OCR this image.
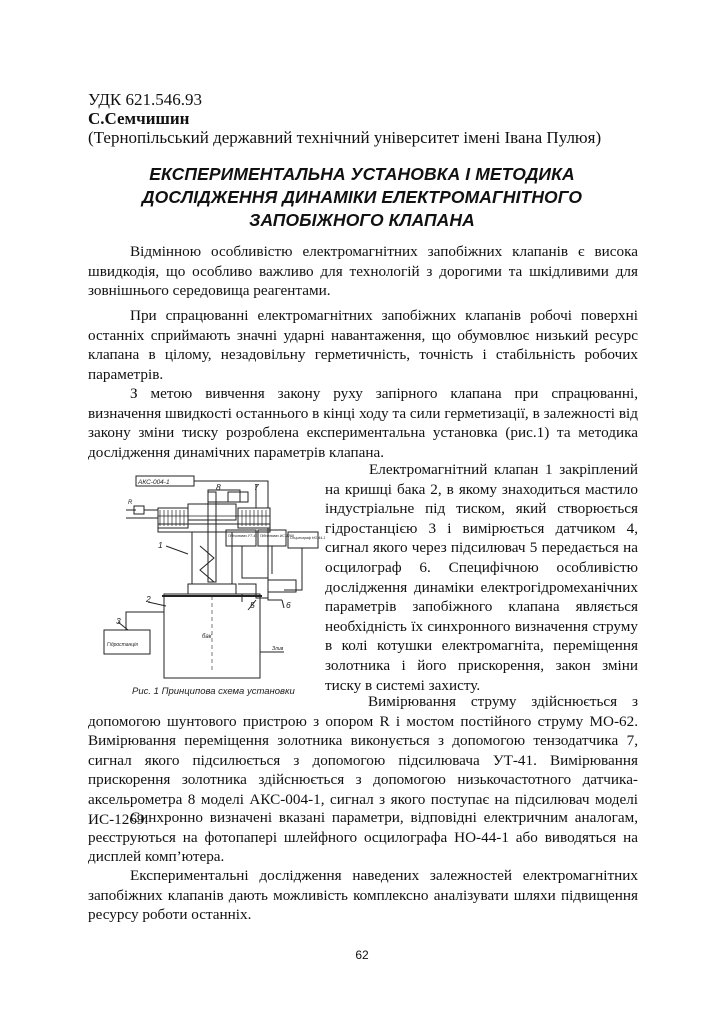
УДК 621.546.93
С.Семчишин
(Тернопільський державний технічний університет імені Івана Пулюя)
ЕКСПЕРИМЕНТАЛЬНА УСТАНОВКА І МЕТОДИКА ДОСЛІДЖЕННЯ ДИНАМІКИ ЕЛЕКТРОМАГНІТНОГО ЗАПОБІЖНОГО КЛАПАНА
Відмінною особливістю електромагнітних запобіжних клапанів є висока швидкодія, що особливо важливо для технологій з дорогими та шкідливими для зовнішнього середовища реагентами.
При спрацюванні електромагнітних запобіжних клапанів робочі поверхні останніх сприймають значні ударні навантаження, що обумовлює низький ресурс клапана в цілому, незадовільну герметичність, точність і стабільність робочих параметрів.
З метою вивчення закону руху запірного клапана при спрацюванні, визначення швидкості останнього в кінці ходу та сили герметизації, в залежності від закону зміни тиску розроблена експериментальна установка (рис.1) та методика дослідження динамічних параметрів клапана.
АКС-004-1	8	7
1
2
3
5	6
R
Підсилювач УТ-41 Підсилювач ИС-1269
Осцилограф НО-44-1
бак
Злив
Гідростанція
Рис. 1 Принципова схема установки
Електромагнітний клапан 1 закріплений на кришці бака 2, в якому знаходиться мастило індустріальне під тиском, який створюється гідростанцією 3 і вимірюється датчиком 4, сигнал якого через підсилювач 5 передається на осцилограф 6. Специфічною особливістю дослідження динаміки електрогідромеханічних параметрів запобіжного клапана являється необхідність їх синхронного визначення струму в колі котушки електромагніта, переміщення золотника і його прискорення, закон зміни тиску в системі захисту.
Вимірювання струму здійснюється з допомогою шунтового пристрою з опором R і мостом постійного струму МО-62. Вимірювання переміщення золотника виконується з допомогою тензодатчика 7, сигнал якого підсилюється з допомогою підсилювача УТ-41. Вимірювання прискорення золотника здійснюється з допомогою низькочастотного датчика-аксельрометра 8 моделі АКС-004-1, сигнал з якого поступає на підсилювач моделі ИС-1269.
Синхронно визначені вказані параметри, відповідні електричним аналогам, реєструються на фотопапері шлейфного осцилографа НО-44-1 або виводяться на дисплей комп’ютера.
Експериментальні дослідження наведених залежностей електромагнітних запобіжних клапанів дають можливість комплексно аналізувати шляхи підвищення ресурсу роботи останніх.
62
